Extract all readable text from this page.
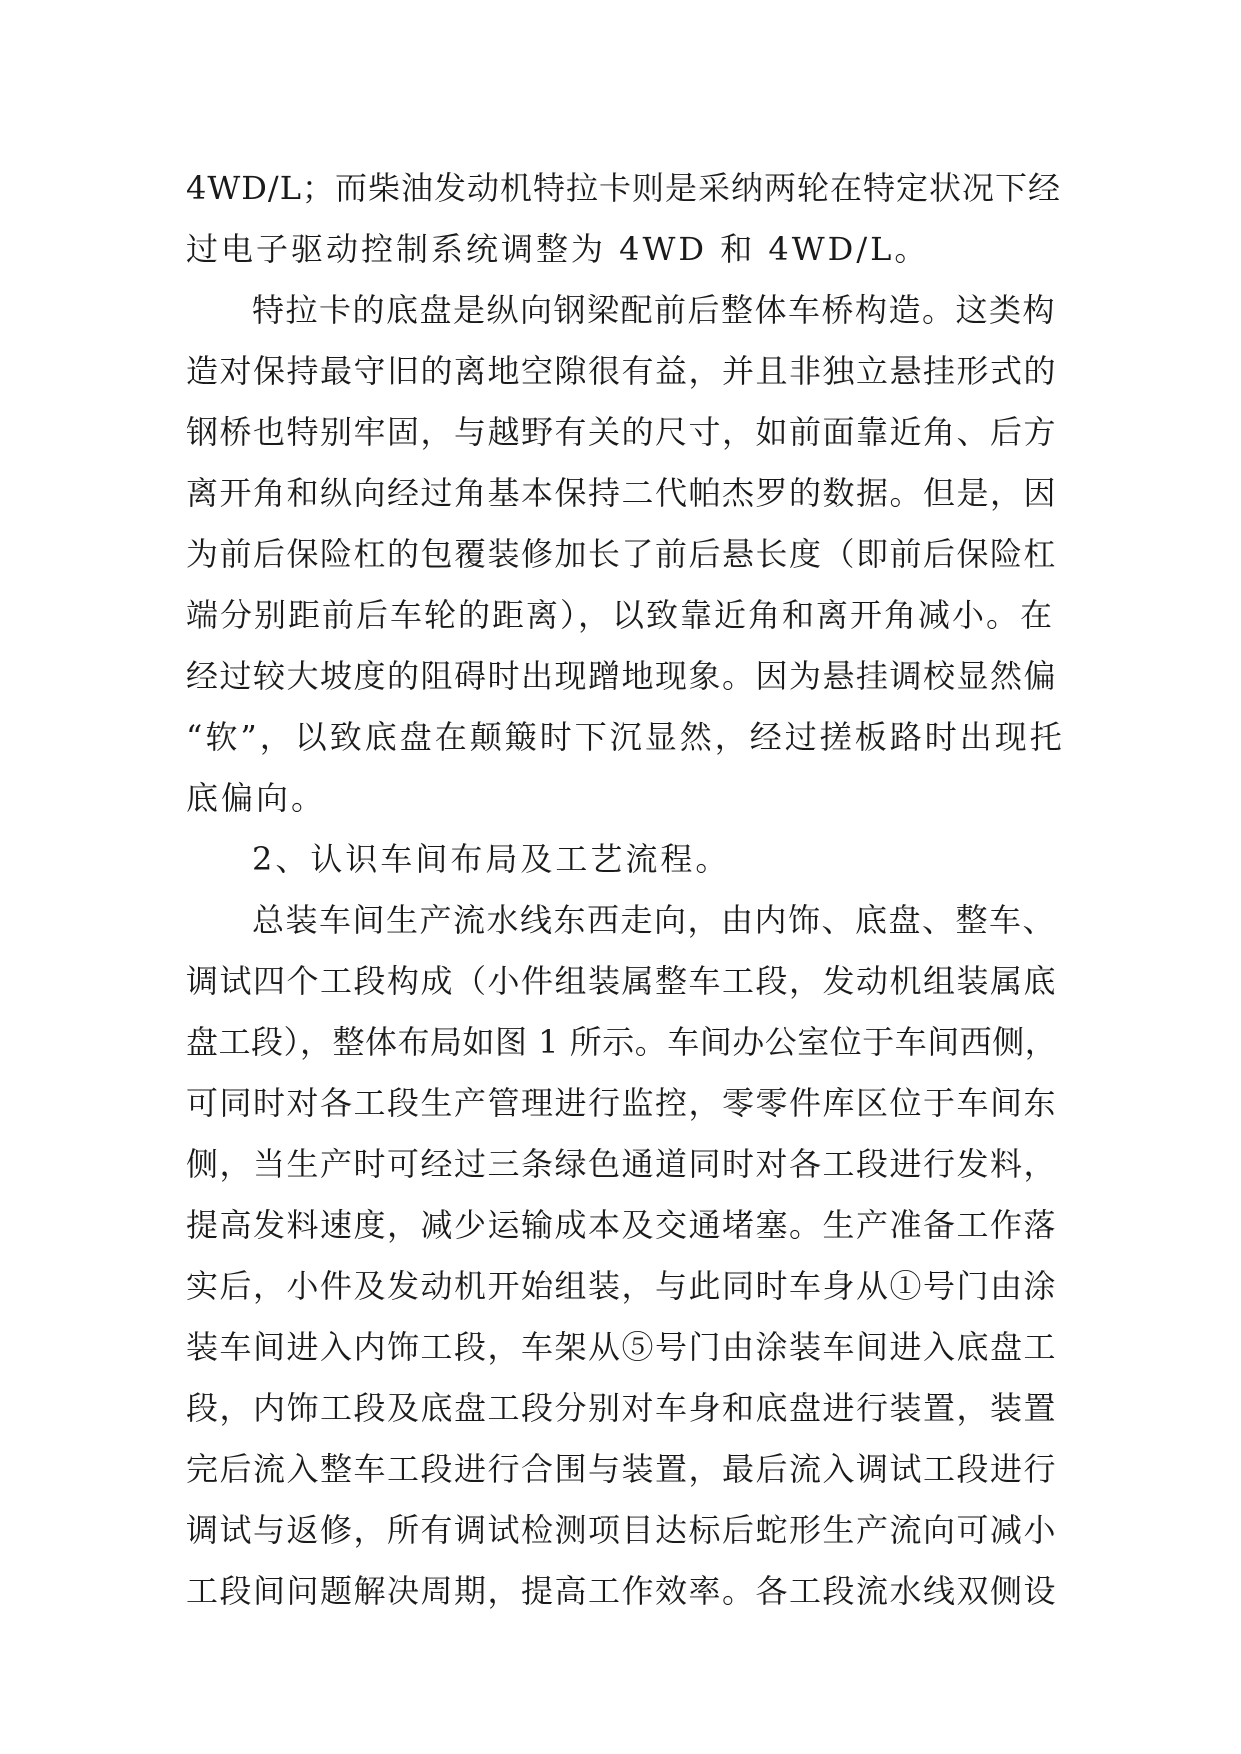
4WD/L；而柴油发动机特拉卡则是采纳两轮在特定状况下经
过电子驱动控制系统调整为 4WD 和 4WD/L。
特拉卡的底盘是纵向钢梁配前后整体车桥构造。这类构
造对保持最守旧的离地空隙很有益，并且非独立悬挂形式的
钢桥也特别牢固，与越野有关的尺寸，如前面靠近角、后方
离开角和纵向经过角基本保持二代帕杰罗的数据。但是，因
为前后保险杠的包覆装修加长了前后悬长度（即前后保险杠
端分别距前后车轮的距离），以致靠近角和离开角减小。在
经过较大坡度的阻碍时出现蹭地现象。因为悬挂调校显然偏
“软”，以致底盘在颠簸时下沉显然，经过搓板路时出现托
底偏向。
2、认识车间布局及工艺流程。
总装车间生产流水线东西走向，由内饰、底盘、整车、
调试四个工段构成（小件组装属整车工段，发动机组装属底
盘工段），整体布局如图 1 所示。车间办公室位于车间西侧，
可同时对各工段生产管理进行监控，零零件库区位于车间东
侧，当生产时可经过三条绿色通道同时对各工段进行发料，
提高发料速度，减少运输成本及交通堵塞。生产准备工作落
实后，小件及发动机开始组装，与此同时车身从①号门由涂
装车间进入内饰工段，车架从⑤号门由涂装车间进入底盘工
段，内饰工段及底盘工段分别对车身和底盘进行装置，装置
完后流入整车工段进行合围与装置，最后流入调试工段进行
调试与返修，所有调试检测项目达标后蛇形生产流向可减小
工段间问题解决周期，提高工作效率。各工段流水线双侧设
